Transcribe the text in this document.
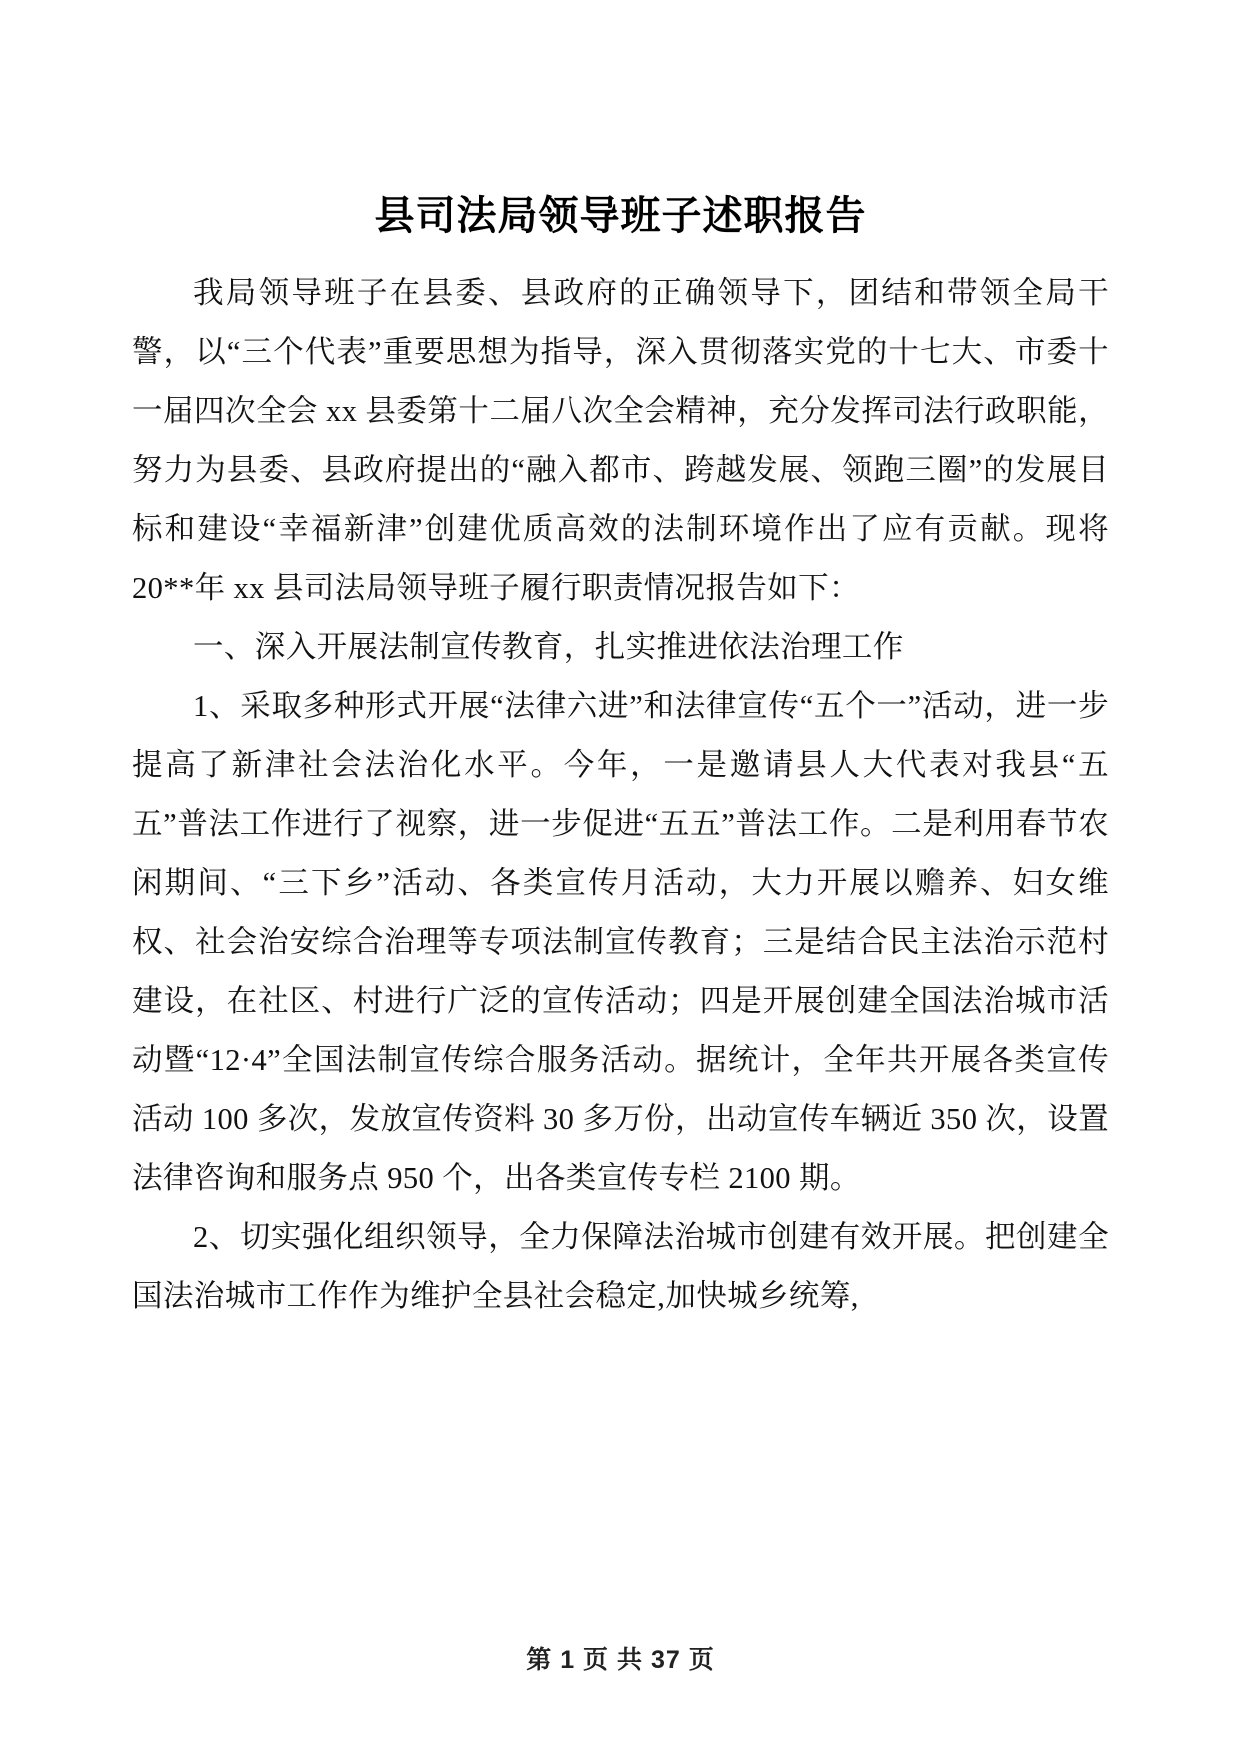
县司法局领导班子述职报告

我局领导班子在县委、县政府的正确领导下，团结和带领全局干警，以“三个代表”重要思想为指导，深入贯彻落实党的十七大、市委十一届四次全会 xx 县委第十二届八次全会精神，充分发挥司法行政职能，努力为县委、县政府提出的“融入都市、跨越发展、领跑三圈”的发展目标和建设“幸福新津”创建优质高效的法制环境作出了应有贡献。现将 20**年 xx 县司法局领导班子履行职责情况报告如下：

一、深入开展法制宣传教育，扎实推进依法治理工作

1、采取多种形式开展“法律六进”和法律宣传“五个一”活动，进一步提高了新津社会法治化水平。今年，一是邀请县人大代表对我县“五五”普法工作进行了视察，进一步促进“五五”普法工作。二是利用春节农闲期间、“三下乡”活动、各类宣传月活动，大力开展以赡养、妇女维权、社会治安综合治理等专项法制宣传教育；三是结合民主法治示范村建设，在社区、村进行广泛的宣传活动；四是开展创建全国法治城市活动暨“12·4”全国法制宣传综合服务活动。据统计，全年共开展各类宣传活动 100 多次，发放宣传资料 30 多万份，出动宣传车辆近 350 次，设置法律咨询和服务点 950 个，出各类宣传专栏 2100 期。

2、切实强化组织领导，全力保障法治城市创建有效开展。把创建全国法治城市工作作为维护全县社会稳定,加快城乡统筹,

第 1 页 共 37 页
